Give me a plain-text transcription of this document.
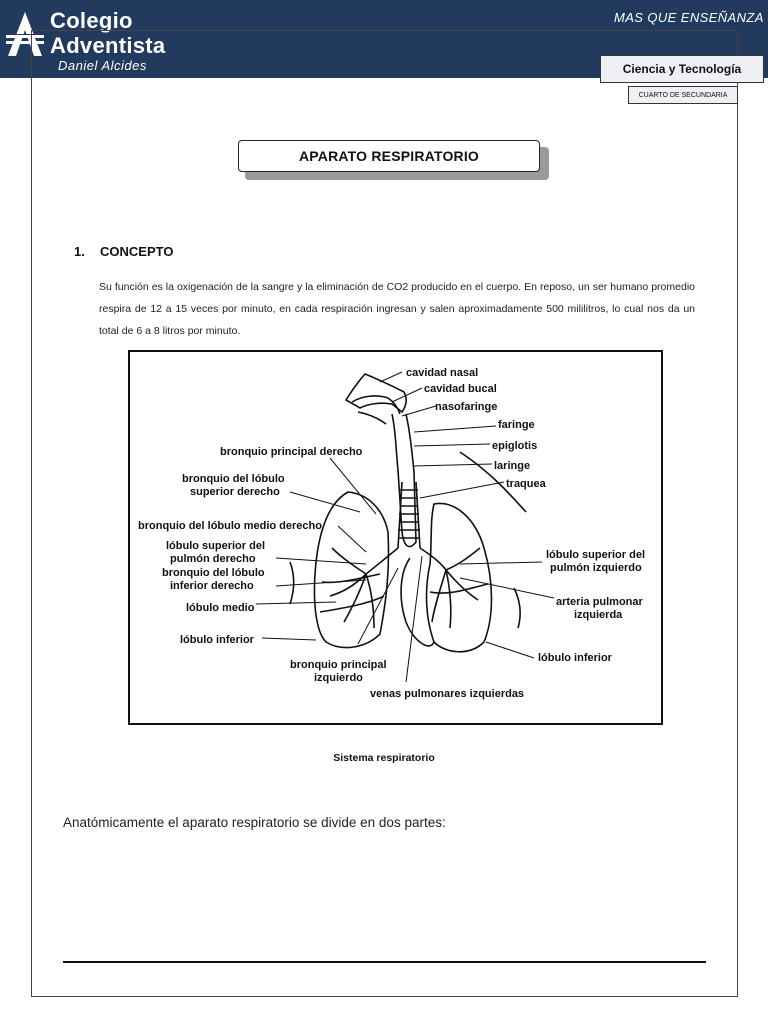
Colegio
Adventista
Daniel Alcides
MAS QUE ENSEÑANZA
Ciencia y Tecnología
CUARTO DE SECUNDARIA
APARATO RESPIRATORIO
1. CONCEPTO
Su función es la oxigenación de la sangre y la eliminación de CO2 producido en el cuerpo. En reposo, un ser humano promedio respira de 12 a 15 veces por minuto, en cada respiración ingresan y salen aproximadamente 500 mililitros, lo cual nos da un total de 6 a 8 litros por minuto.
cavidad nasal
cavidad bucal
nasofaringe
faringe
epiglotis
laringe
traquea
bronquio principal derecho
bronquio del lóbulo
superior derecho
bronquio del lóbulo medio derecho
lóbulo superior del
pulmón derecho
bronquio del lóbulo
inferior derecho
lóbulo medio
lóbulo inferior
bronquio principal
izquierdo
venas pulmonares izquierdas
lóbulo superior del
pulmón izquierdo
arteria pulmonar
izquierda
lóbulo inferior
Sistema respiratorio
Anatómicamente el aparato respiratorio se divide en dos partes:
